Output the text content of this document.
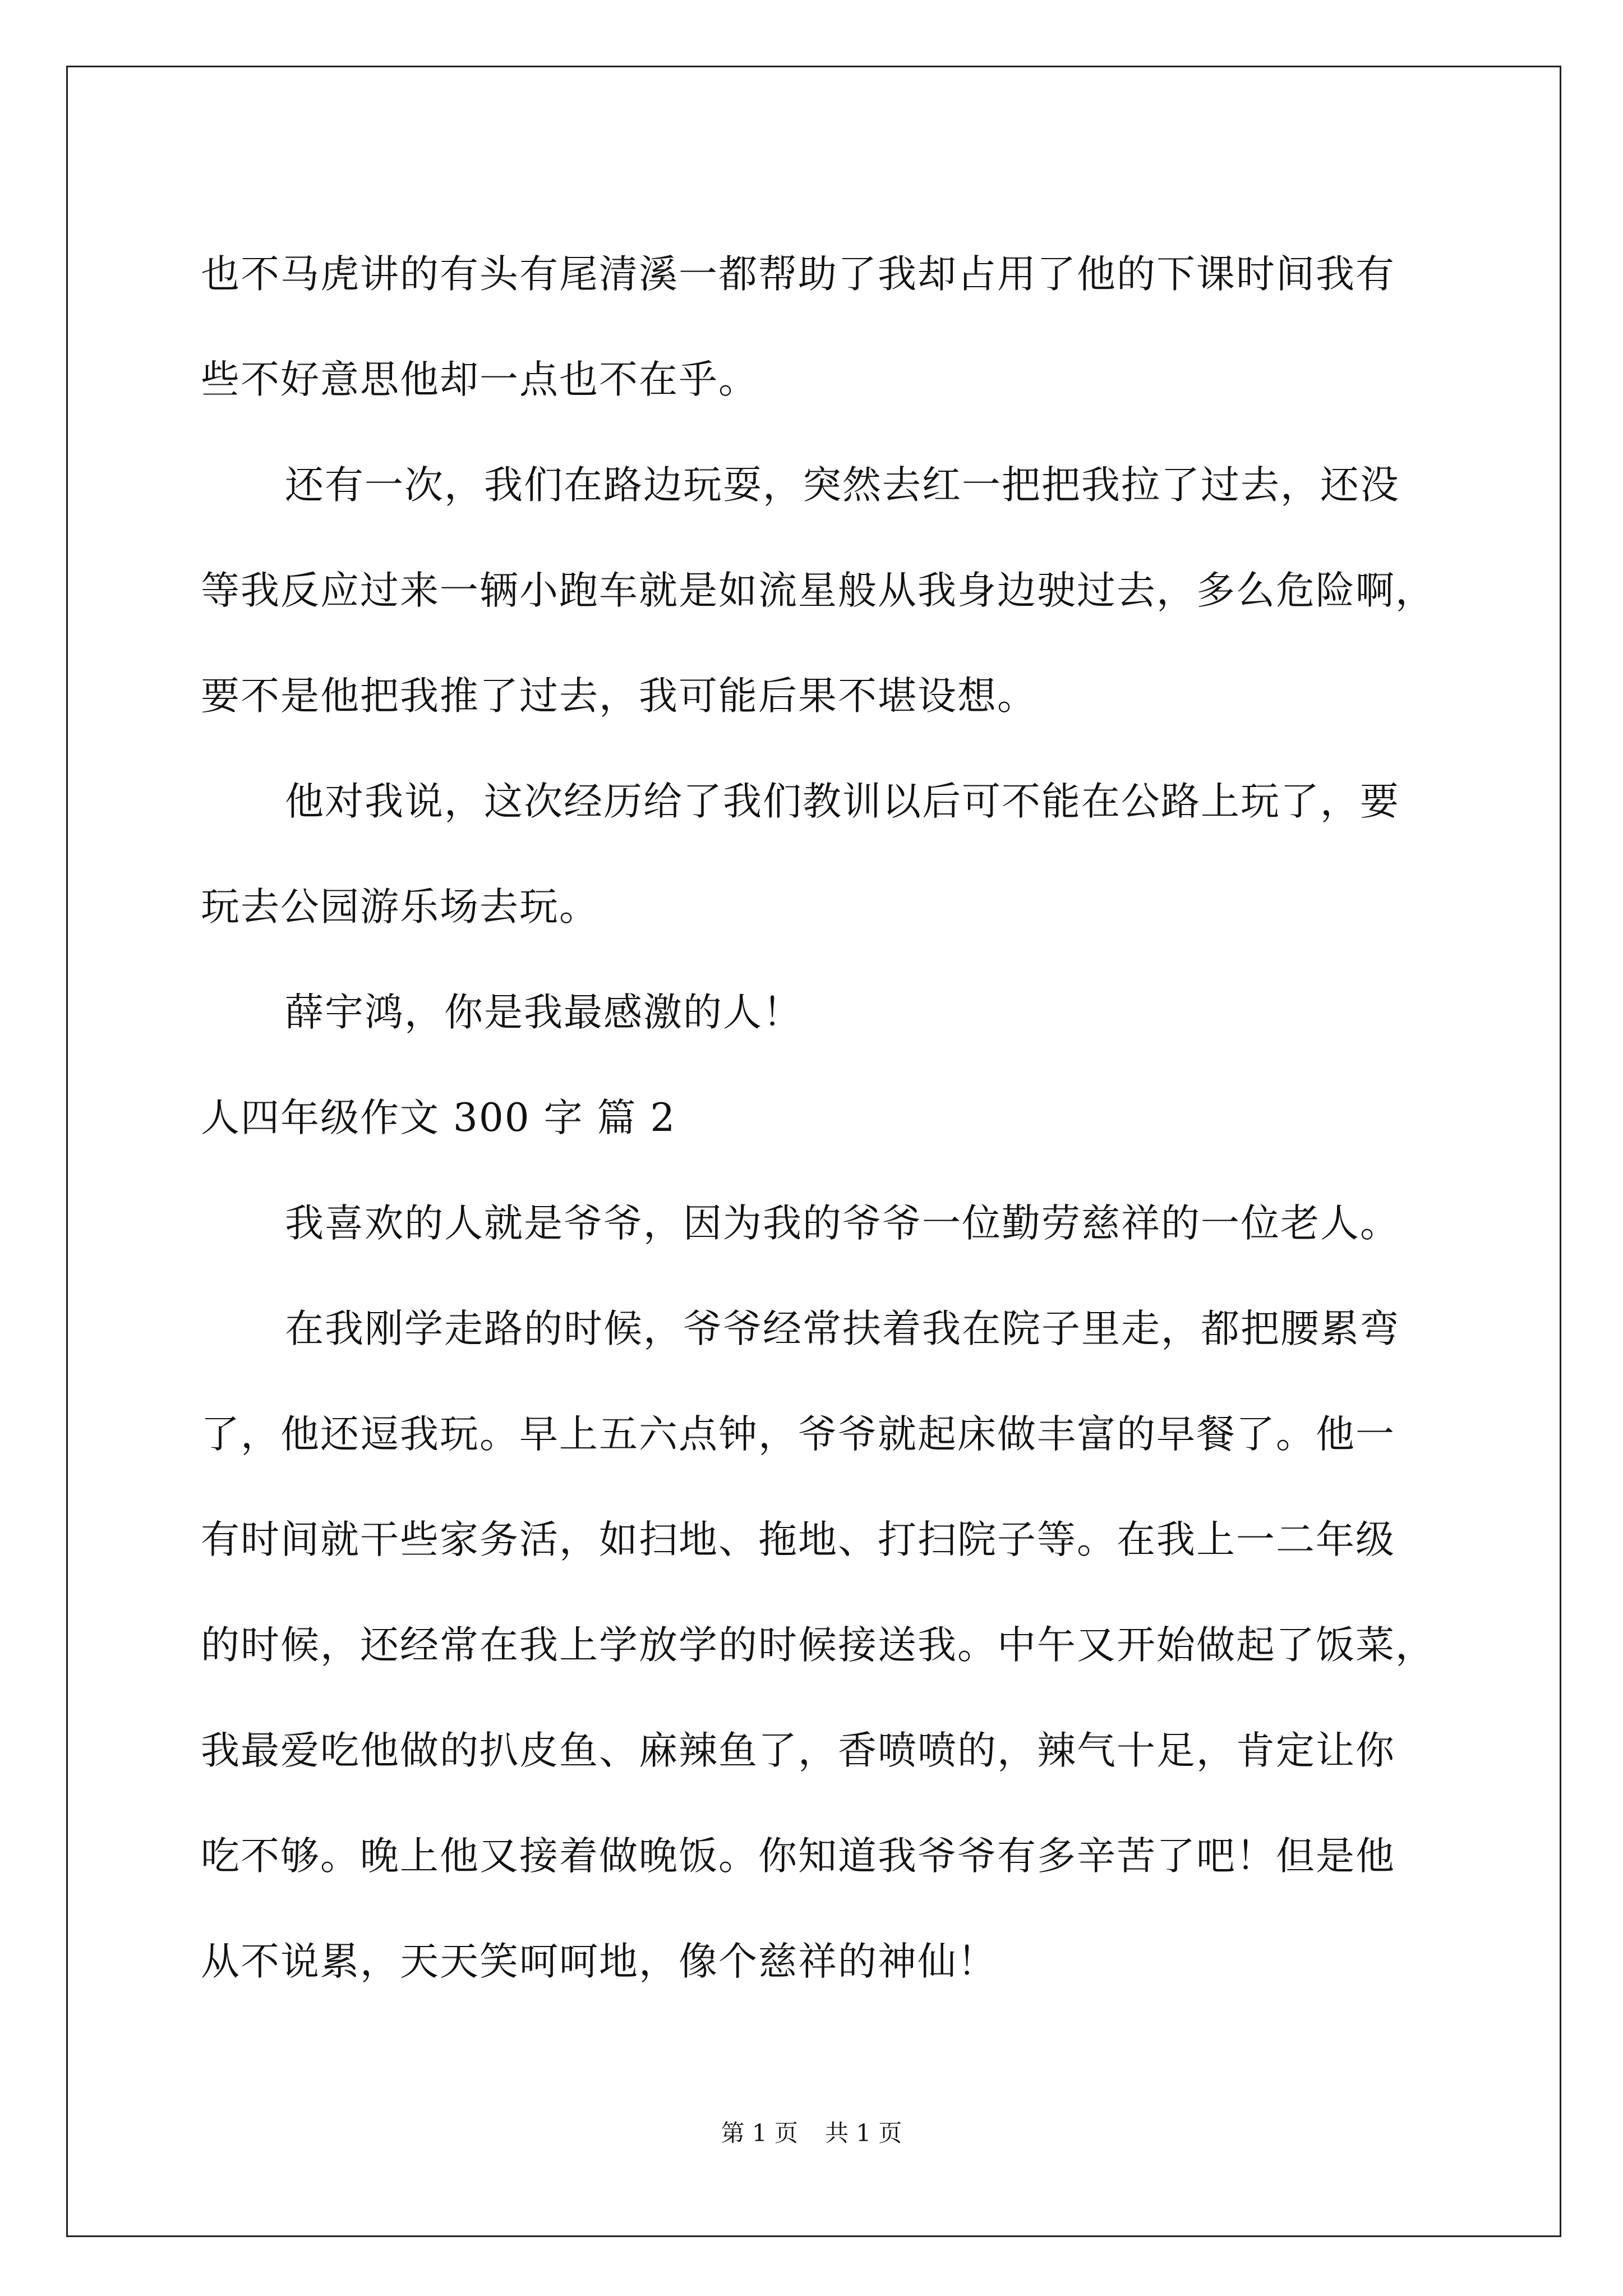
也不马虎讲的有头有尾清溪一都帮助了我却占用了他的下课时间我有
些不好意思他却一点也不在乎。
还有一次，我们在路边玩耍，突然去红一把把我拉了过去，还没
等我反应过来一辆小跑车就是如流星般从我身边驶过去，多么危险啊，
要不是他把我推了过去，我可能后果不堪设想。
他对我说，这次经历给了我们教训以后可不能在公路上玩了，要
玩去公园游乐场去玩。
薛宇鸿，你是我最感激的人！
人四年级作文 300 字 篇 2
我喜欢的人就是爷爷，因为我的爷爷一位勤劳慈祥的一位老人。
在我刚学走路的时候，爷爷经常扶着我在院子里走，都把腰累弯
了，他还逗我玩。早上五六点钟，爷爷就起床做丰富的早餐了。他一
有时间就干些家务活，如扫地、拖地、打扫院子等。在我上一二年级
的时候，还经常在我上学放学的时候接送我。中午又开始做起了饭菜，
我最爱吃他做的扒皮鱼、麻辣鱼了，香喷喷的，辣气十足，肯定让你
吃不够。晚上他又接着做晚饭。你知道我爷爷有多辛苦了吧！但是他
从不说累，天天笑呵呵地，像个慈祥的神仙！
第 1 页 共 1 页
